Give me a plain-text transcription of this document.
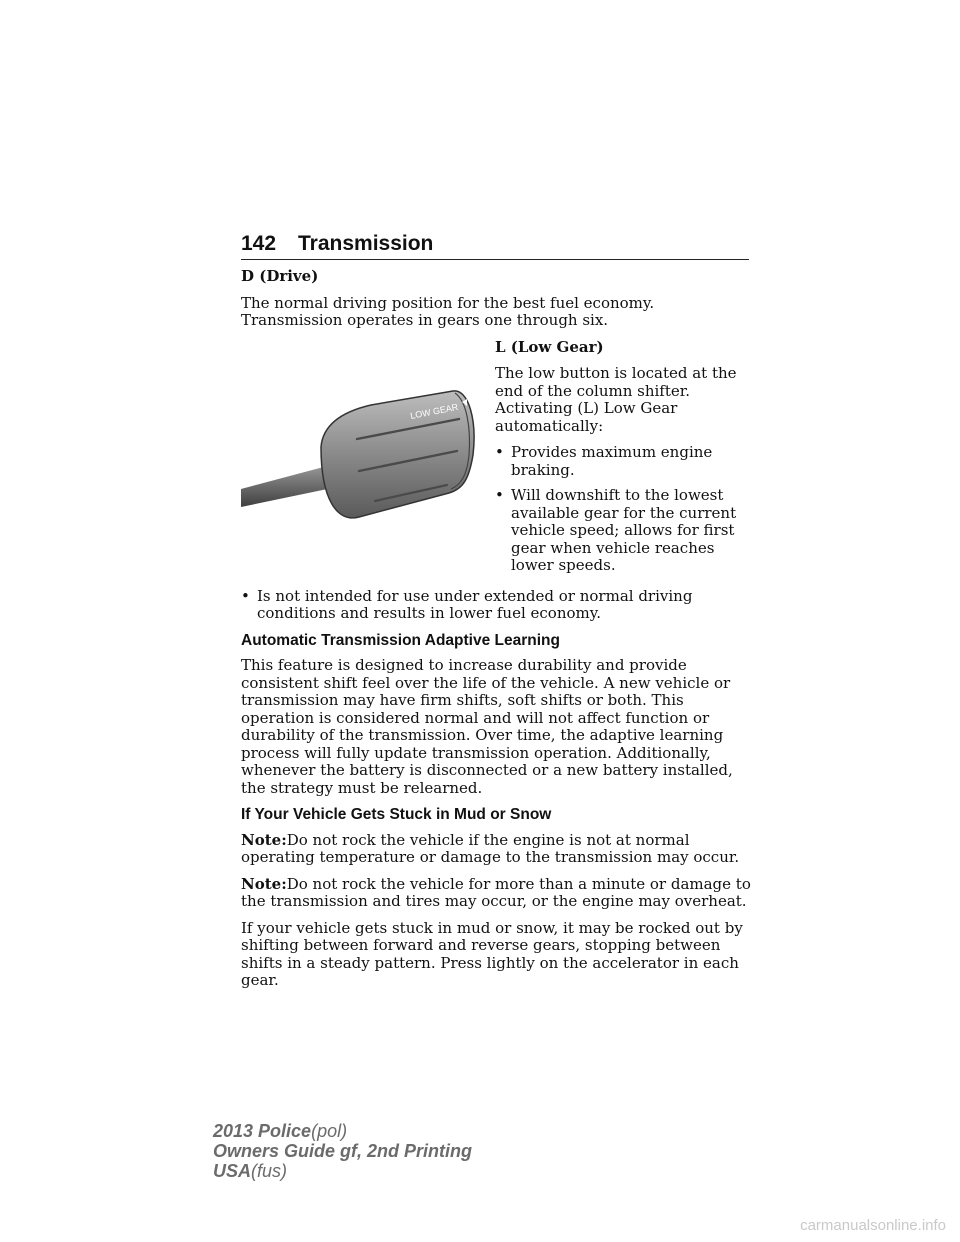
142 Transmission
D (Drive)

The normal driving position for the best fuel economy. Transmission operates in gears one through six.

LOW GEAR
L (Low Gear)

The low button is located at the end of the column shifter. Activating (L) Low Gear automatically:

• Provides maximum engine braking.
• Will downshift to the lowest available gear for the current vehicle speed; allows for first gear when vehicle reaches lower speeds.
• Is not intended for use under extended or normal driving conditions and results in lower fuel economy.
Automatic Transmission Adaptive Learning

This feature is designed to increase durability and provide consistent shift feel over the life of the vehicle. A new vehicle or transmission may have firm shifts, soft shifts or both. This operation is considered normal and will not affect function or durability of the transmission. Over time, the adaptive learning process will fully update transmission operation. Additionally, whenever the battery is disconnected or a new battery installed, the strategy must be relearned.

If Your Vehicle Gets Stuck in Mud or Snow

Note:Do not rock the vehicle if the engine is not at normal operating temperature or damage to the transmission may occur.

Note:Do not rock the vehicle for more than a minute or damage to the transmission and tires may occur, or the engine may overheat.

If your vehicle gets stuck in mud or snow, it may be rocked out by shifting between forward and reverse gears, stopping between shifts in a steady pattern. Press lightly on the accelerator in each gear.

2013 Police(pol)
Owners Guide gf, 2nd Printing
USA(fus)
carmanualsonline.info
